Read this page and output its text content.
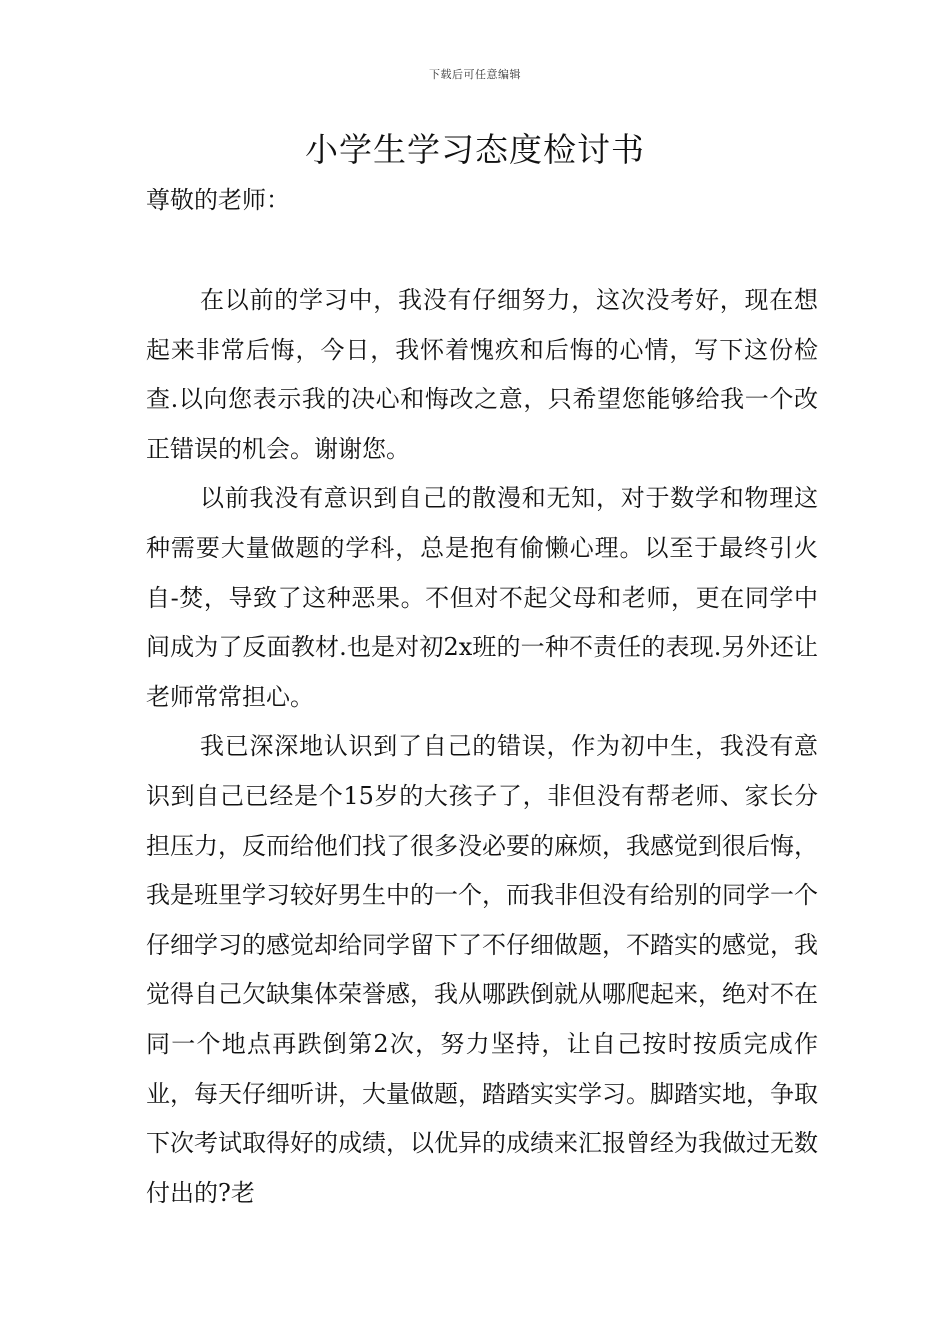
下载后可任意编辑
小学生学习态度检讨书
尊敬的老师：

在以前的学习中，我没有仔细努力，这次没考好，现在想起来非常后悔，今日，我怀着愧疚和后悔的心情，写下这份检查.以向您表示我的决心和悔改之意，只希望您能够给我一个改正错误的机会。谢谢您。

以前我没有意识到自己的散漫和无知，对于数学和物理这种需要大量做题的学科，总是抱有偷懒心理。以至于最终引火自-焚，导致了这种恶果。不但对不起父母和老师，更在同学中间成为了反面教材.也是对初2x班的一种不责任的表现.另外还让老师常常担心。

我已深深地认识到了自己的错误，作为初中生，我没有意识到自己已经是个15岁的大孩子了，非但没有帮老师、家长分担压力，反而给他们找了很多没必要的麻烦，我感觉到很后悔，我是班里学习较好男生中的一个，而我非但没有给别的同学一个仔细学习的感觉却给同学留下了不仔细做题，不踏实的感觉，我觉得自己欠缺集体荣誉感，我从哪跌倒就从哪爬起来，绝对不在同一个地点再跌倒第2次，努力坚持，让自己按时按质完成作业，每天仔细听讲，大量做题，踏踏实实学习。脚踏实地，争取下次考试取得好的成绩，以优异的成绩来汇报曾经为我做过无数付出的?老
